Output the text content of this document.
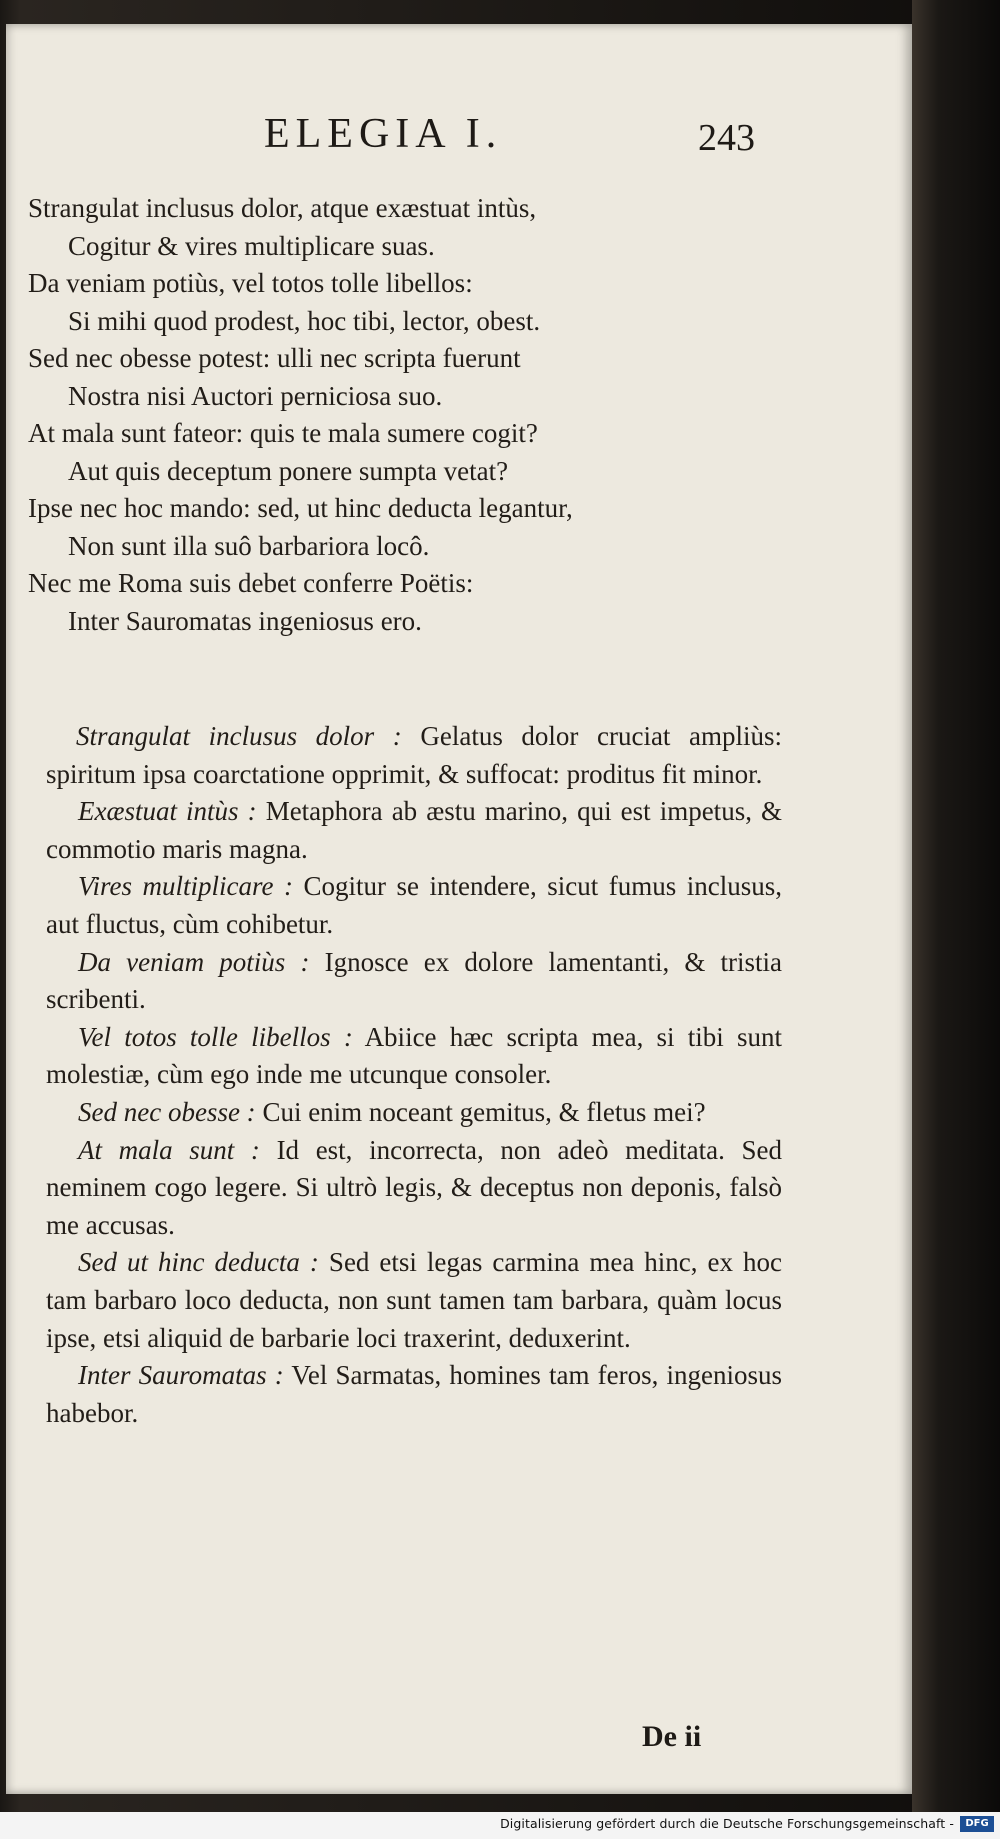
ELEGIA I.	243
Strangulat inclusus dolor, atque exæstuat intùs,
Cogitur & vires multiplicare suas.
Da veniam potiùs, vel totos tolle libellos:
Si mihi quod prodest, hoc tibi, lector, obest.
Sed nec obesse potest: ulli nec scripta fuerunt
Nostra nisi Auctori perniciosa suo.
At mala sunt fateor: quis te mala sumere cogit?
Aut quis deceptum ponere sumpta vetat?
Ipse nec hoc mando: sed, ut hinc deducta legantur,
Non sunt illa suô barbariora locô.
Nec me Roma suis debet conferre Poëtis:
Inter Sauromatas ingeniosus ero.

Strangulat inclusus dolor : Gelatus dolor cruciat ampliùs: spiritum ipsa coarctatione opprimit, & suffocat: proditus fit minor.

Exæstuat intùs : Metaphora ab æstu marino, qui est impetus, & commotio maris magna.

Vires multiplicare : Cogitur se intendere, sicut fumus inclusus, aut fluctus, cùm cohibetur.

Da veniam potiùs : Ignosce ex dolore lamentanti, & tristia scribenti.

Vel totos tolle libellos : Abiice hæc scripta mea, si tibi sunt molestiæ, cùm ego inde me utcunque consoler.

Sed nec obesse : Cui enim noceant gemitus, & fletus mei?

At mala sunt : Id est, incorrecta, non adeò meditata. Sed neminem cogo legere. Si ultrò legis, & deceptus non deponis, falsò me accusas.

Sed ut hinc deducta : Sed etsi legas carmina mea hinc, ex hoc tam barbaro loco deducta, non sunt tamen tam barbara, quàm locus ipse, etsi aliquid de barbarie loci traxerint, deduxerint.

Inter Sauromatas : Vel Sarmatas, homines tam feros, ingeniosus habebor.

De ii
Digitalisierung gefördert durch die Deutsche Forschungsgemeinschaft -	DFG
